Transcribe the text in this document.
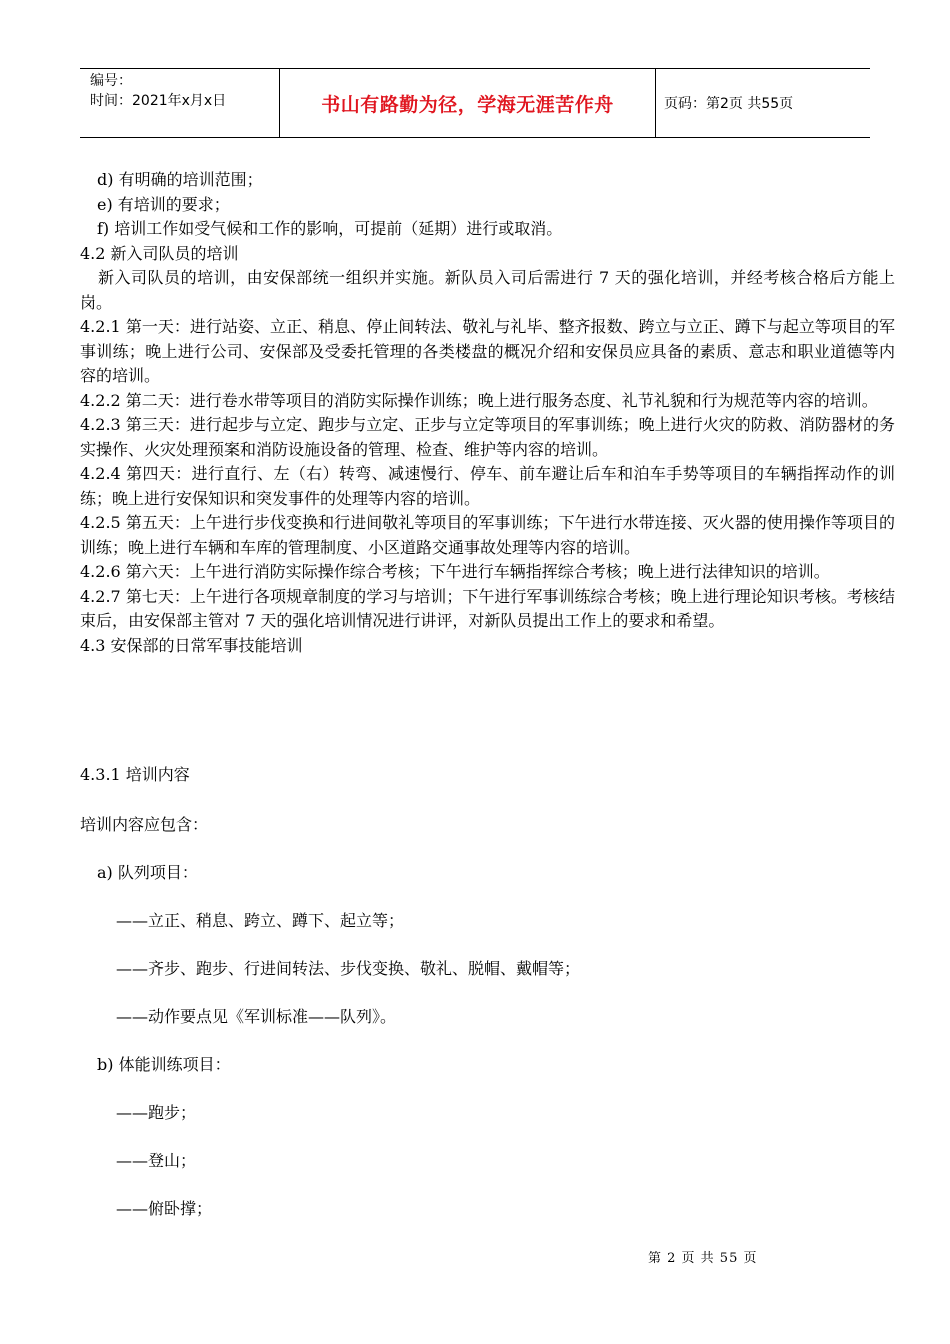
编号：
时间：2021年x月x日	书山有路勤为径，学海无涯苦作舟	页码：第2页 共55页

d) 有明确的培训范围；

e) 有培训的要求；

f) 培训工作如受气候和工作的影响，可提前（延期）进行或取消。

4.2 新入司队员的培训

新入司队员的培训，由安保部统一组织并实施。新队员入司后需进行 7 天的强化培训，并经考核合格后方能上岗。

4.2.1 第一天：进行站姿、立正、稍息、停止间转法、敬礼与礼毕、整齐报数、跨立与立正、蹲下与起立等项目的军事训练；晚上进行公司、安保部及受委托管理的各类楼盘的概况介绍和安保员应具备的素质、意志和职业道德等内容的培训。

4.2.2 第二天：进行卷水带等项目的消防实际操作训练；晚上进行服务态度、礼节礼貌和行为规范等内容的培训。

4.2.3 第三天：进行起步与立定、跑步与立定、正步与立定等项目的军事训练；晚上进行火灾的防救、消防器材的务实操作、火灾处理预案和消防设施设备的管理、检查、维护等内容的培训。

4.2.4 第四天：进行直行、左（右）转弯、减速慢行、停车、前车避让后车和泊车手势等项目的车辆指挥动作的训练；晚上进行安保知识和突发事件的处理等内容的培训。

4.2.5 第五天：上午进行步伐变换和行进间敬礼等项目的军事训练；下午进行水带连接、灭火器的使用操作等项目的训练；晚上进行车辆和车库的管理制度、小区道路交通事故处理等内容的培训。

4.2.6 第六天：上午进行消防实际操作综合考核；下午进行车辆指挥综合考核；晚上进行法律知识的培训。

4.2.7 第七天：上午进行各项规章制度的学习与培训；下午进行军事训练综合考核；晚上进行理论知识考核。考核结束后，由安保部主管对 7 天的强化培训情况进行讲评，对新队员提出工作上的要求和希望。

4.3 安保部的日常军事技能培训

4.3.1 培训内容

培训内容应包含：

a) 队列项目：

——立正、稍息、跨立、蹲下、起立等；

——齐步、跑步、行进间转法、步伐变换、敬礼、脱帽、戴帽等；

——动作要点见《军训标准——队列》。

b) 体能训练项目：

——跑步；

——登山；

——俯卧撑；

第 2 页 共 55 页
